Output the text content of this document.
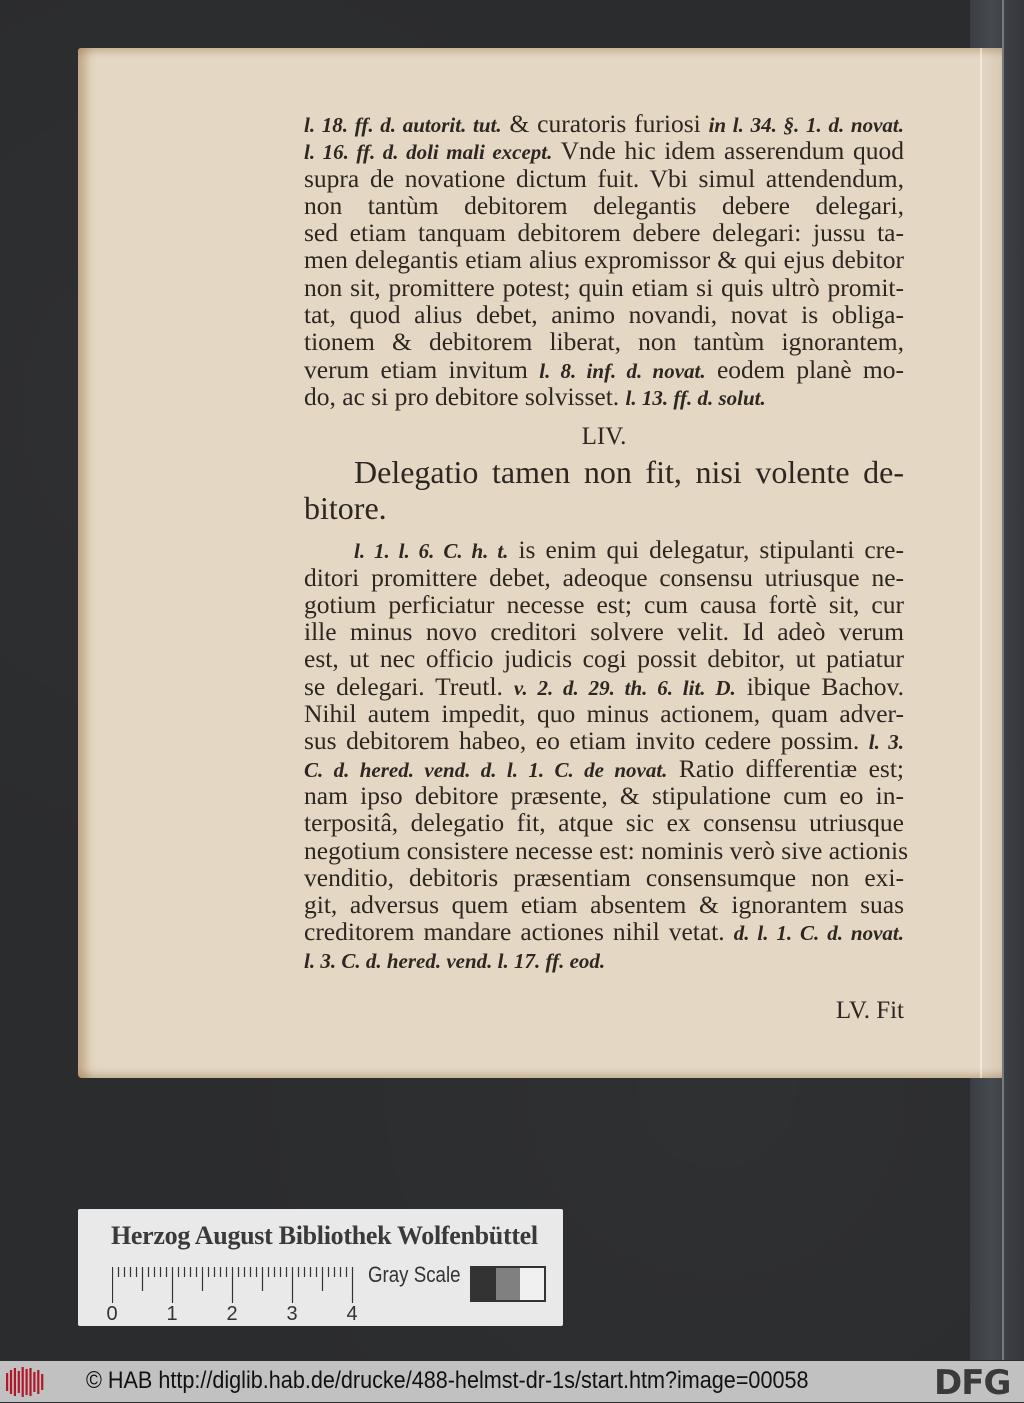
l. 18. ff. d. autorit. tut. & curatoris furiosi in l. 34. §. 1. d. novat.
l. 16. ff. d. doli mali except. Vnde hic idem asserendum quod
supra de novatione dictum fuit. Vbi simul attendendum,
non tantùm debitorem delegantis debere delegari,
sed etiam tanquam debitorem debere delegari: jussu ta-
men delegantis etiam alius expromissor & qui ejus debitor
non sit, promittere potest; quin etiam si quis ultrò promit-
tat, quod alius debet, animo novandi, novat is obliga-
tionem & debitorem liberat, non tantùm ignorantem,
verum etiam invitum l. 8. inf. d. novat. eodem planè mo-
do, ac si pro debitore solvisset. l. 13. ff. d. solut.
LIV.
Delegatio tamen non fit, nisi volente de-
bitore.
l. 1. l. 6. C. h. t. is enim qui delegatur, stipulanti cre-
ditori promittere debet, adeoque consensu utriusque ne-
gotium perficiatur necesse est; cum causa fortè sit, cur
ille minus novo creditori solvere velit. Id adeò verum
est, ut nec officio judicis cogi possit debitor, ut patiatur
se delegari. Treutl. v. 2. d. 29. th. 6. lit. D. ibique Bachov.
Nihil autem impedit, quo minus actionem, quam adver-
sus debitorem habeo, eo etiam invito cedere possim. l. 3.
C. d. hered. vend. d. l. 1. C. de novat. Ratio differentiæ est;
nam ipso debitore præsente, & stipulatione cum eo in-
terpositâ, delegatio fit, atque sic ex consensu utriusque
negotium consistere necesse est: nominis verò sive actionis
venditio, debitoris præsentiam consensumque non exi-
git, adversus quem etiam absentem & ignorantem suas
creditorem mandare actiones nihil vetat. d. l. 1. C. d. novat.
l. 3. C. d. hered. vend. l. 17. ff. eod.
LV. Fit
Herzog August Bibliothek Wolfenbüttel
0 1 2 3 4
Gray Scale
© HAB http://diglib.hab.de/drucke/488-helmst-dr-1s/start.htm?image=00058	DFG
